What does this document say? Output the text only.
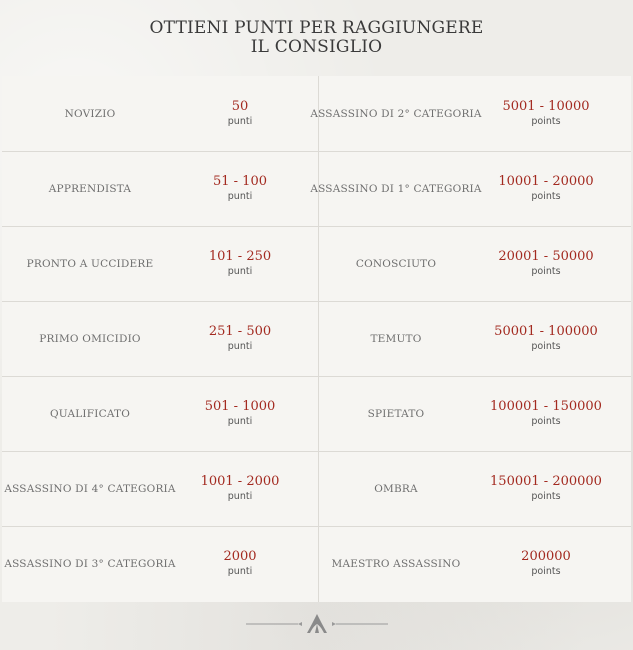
OTTIENI PUNTI PER RAGGIUNGERE
IL CONSIGLIO
NOVIZIO	50
punti
APPRENDISTA	51 - 100
punti
PRONTO A UCCIDERE	101 - 250
punti
PRIMO OMICIDIO	251 - 500
punti
QUALIFICATO	501 - 1000
punti
ASSASSINO DI 4° CATEGORIA 1001 - 2000
punti
ASSASSINO DI 3° CATEGORIA	2000
punti
ASSASSINO DI 2° CATEGORIA 5001 - 10000
points
ASSASSINO DI 1° CATEGORIA 10001 - 20000
points
CONOSCIUTO	20001 - 50000
points
TEMUTO	50001 - 100000
points
SPIETATO	100001 - 150000
points
OMBRA	150001 - 200000
points
MAESTRO ASSASSINO	200000
points
